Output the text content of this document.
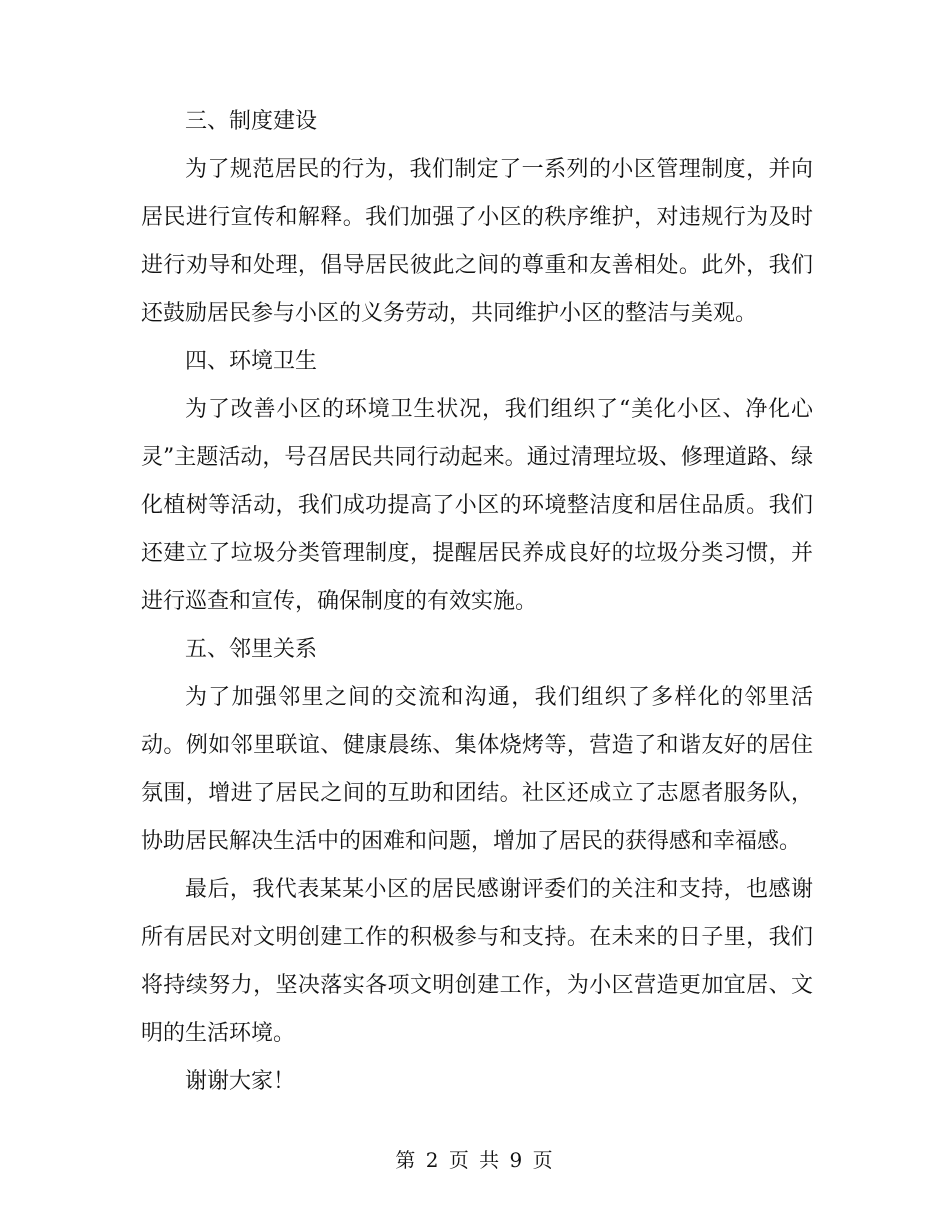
三、制度建设

为了规范居民的行为，我们制定了一系列的小区管理制度，并向居民进行宣传和解释。我们加强了小区的秩序维护，对违规行为及时进行劝导和处理，倡导居民彼此之间的尊重和友善相处。此外，我们还鼓励居民参与小区的义务劳动，共同维护小区的整洁与美观。

四、环境卫生

为了改善小区的环境卫生状况，我们组织了“美化小区、净化心灵”主题活动，号召居民共同行动起来。通过清理垃圾、修理道路、绿化植树等活动，我们成功提高了小区的环境整洁度和居住品质。我们还建立了垃圾分类管理制度，提醒居民养成良好的垃圾分类习惯，并进行巡查和宣传，确保制度的有效实施。

五、邻里关系

为了加强邻里之间的交流和沟通，我们组织了多样化的邻里活动。例如邻里联谊、健康晨练、集体烧烤等，营造了和谐友好的居住氛围，增进了居民之间的互助和团结。社区还成立了志愿者服务队，协助居民解决生活中的困难和问题，增加了居民的获得感和幸福感。

最后，我代表某某小区的居民感谢评委们的关注和支持，也感谢所有居民对文明创建工作的积极参与和支持。在未来的日子里，我们将持续努力，坚决落实各项文明创建工作，为小区营造更加宜居、文明的生活环境。

谢谢大家！

第 2 页 共 9 页
